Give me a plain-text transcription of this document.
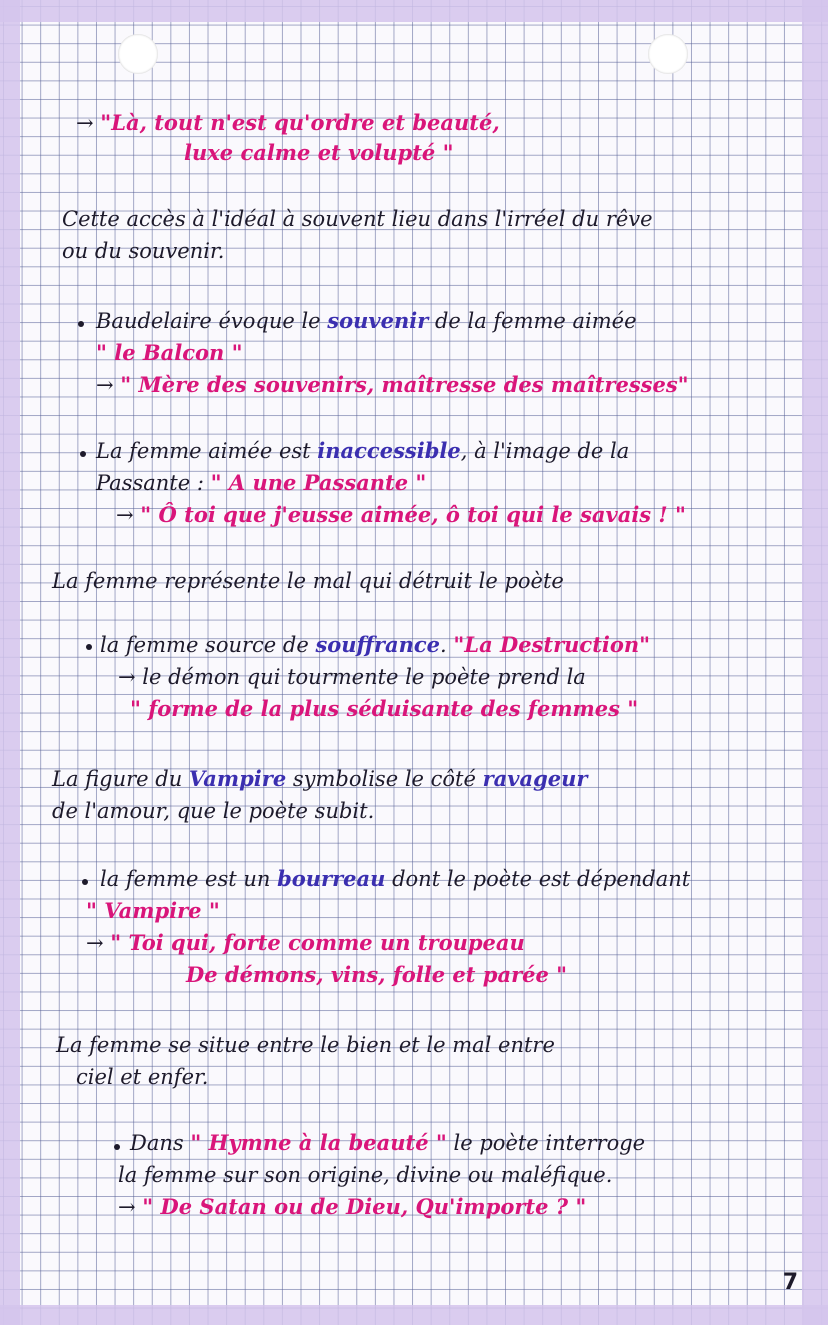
→ "Là, tout n'est qu'ordre et beauté,
luxe calme et volupté "
Cette accès à l'idéal à souvent lieu dans l'irréel du rêve
ou du souvenir.
Baudelaire évoque le souvenir de la femme aimée
" le Balcon "
→ " Mère des souvenirs, maîtresse des maîtresses"
La femme aimée est inaccessible, à l'image de la
Passante : " A une Passante "
→ " Ô toi que j'eusse aimée, ô toi qui le savais ! "
La femme représente le mal qui détruit le poète
la femme source de souffrance. "La Destruction"
→ le démon qui tourmente le poète prend la
" forme de la plus séduisante des femmes "
La figure du Vampire symbolise le côté ravageur
de l'amour, que le poète subit.
la femme est un bourreau dont le poète est dépendant
" Vampire "
→ " Toi qui, forte comme un troupeau
De démons, vins, folle et parée "
La femme se situe entre le bien et le mal entre
ciel et enfer.
Dans " Hymne à la beauté " le poète interroge
la femme sur son origine, divine ou maléfique.
→ " De Satan ou de Dieu, Qu'importe ? "
7
